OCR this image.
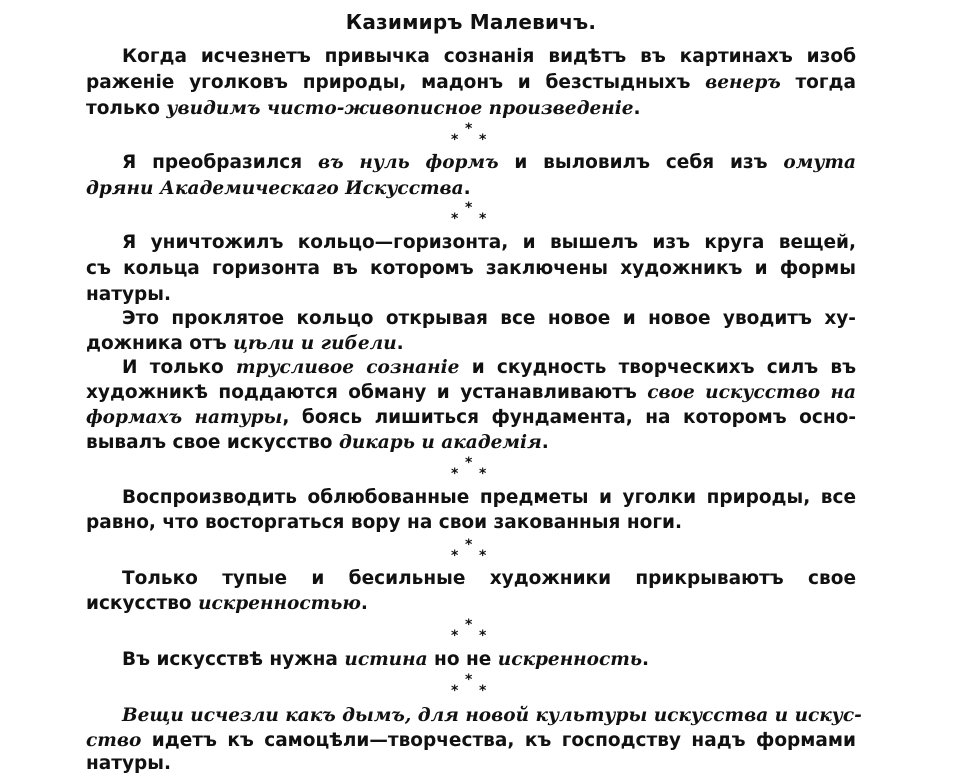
Казимиръ Малевичъ.
Когда исчезнетъ привычка сознанія видѣтъ въ картинахъ изоб
раженіе уголковъ природы, мадонъ и безстыдныхъ венеръ тогда
только увидимъ чисто-живописное произведеніе.
*
* *
Я преобразился въ нуль формъ и выловилъ себя изъ омута
дряни Академическаго Искусства.
*
* *
Я уничтожилъ кольцо—горизонта, и вышелъ изъ круга вещей,
съ кольца горизонта въ которомъ заключены художникъ и формы
натуры.
Это проклятое кольцо открывая все новое и новое уводитъ ху-
дожника отъ цѣли и гибели.
И только трусливое сознаніе и скудность творческихъ силъ въ
художникѣ поддаются обману и устанавливаютъ свое искусство на
формахъ натуры, боясь лишиться фундамента, на которомъ осно-
вывалъ свое искусство дикарь и академія.
*
* *
Воспроизводить облюбованные предметы и уголки природы, все
равно, что восторгаться вору на свои закованныя ноги.
*
* *
Только тупые и бесильные художники прикрываютъ свое
искусство искренностью.
*
* *
Въ искусствѣ нужна истина но не искренность.
*
* *
Вещи исчезли какъ дымъ, для новой культуры искусства и искус-
ство идетъ къ самоцѣли—творчества, къ господству надъ формами
натуры.
